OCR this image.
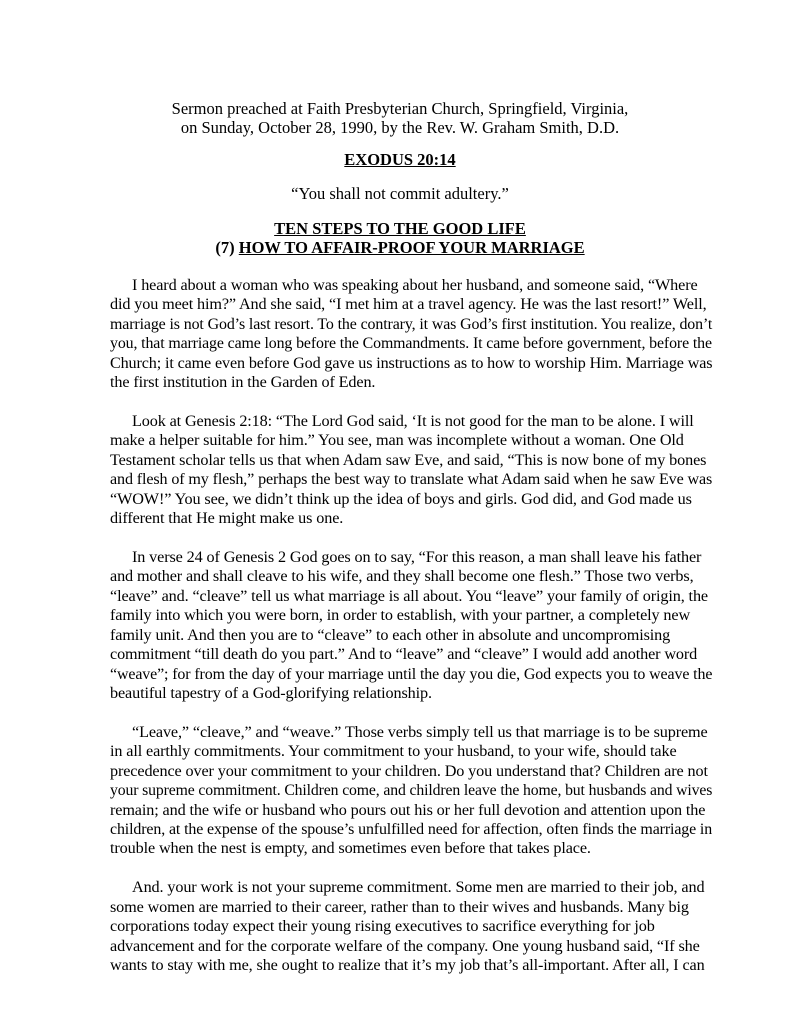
Sermon preached at Faith Presbyterian Church, Springfield, Virginia,

on Sunday, October 28, 1990, by the Rev. W. Graham Smith, D.D.

EXODUS 20:14

“You shall not commit adultery.”

TEN STEPS TO THE GOOD LIFE

(7) HOW TO AFFAIR-PROOF YOUR MARRIAGE

I heard about a woman who was speaking about her husband, and someone said, “Where
did you meet him?” And she said, “I met him at a travel agency. He was the last resort!” Well,
marriage is not God’s last resort. To the contrary, it was God’s first institution. You realize, don’t
you, that marriage came long before the Commandments. It came before government, before the
Church; it came even before God gave us instructions as to how to worship Him. Marriage was
the first institution in the Garden of Eden.

Look at Genesis 2:18: “The Lord God said, ‘It is not good for the man to be alone. I will
make a helper suitable for him.” You see, man was incomplete without a woman. One Old
Testament scholar tells us that when Adam saw Eve, and said, “This is now bone of my bones
and flesh of my flesh,” perhaps the best way to translate what Adam said when he saw Eve was
“WOW!” You see, we didn’t think up the idea of boys and girls. God did, and God made us
different that He might make us one.

In verse 24 of Genesis 2 God goes on to say, “For this reason, a man shall leave his father
and mother and shall cleave to his wife, and they shall become one flesh.” Those two verbs,
“leave” and. “cleave” tell us what marriage is all about. You “leave” your family of origin, the
family into which you were born, in order to establish, with your partner, a completely new
family unit. And then you are to “cleave” to each other in absolute and uncompromising
commitment “till death do you part.” And to “leave” and “cleave” I would add another word
“weave”; for from the day of your marriage until the day you die, God expects you to weave the
beautiful tapestry of a God-glorifying relationship.

“Leave,” “cleave,” and “weave.” Those verbs simply tell us that marriage is to be supreme
in all earthly commitments. Your commitment to your husband, to your wife, should take
precedence over your commitment to your children. Do you understand that? Children are not
your supreme commitment. Children come, and children leave the home, but husbands and wives
remain; and the wife or husband who pours out his or her full devotion and attention upon the
children, at the expense of the spouse’s unfulfilled need for affection, often finds the marriage in
trouble when the nest is empty, and sometimes even before that takes place.

And. your work is not your supreme commitment. Some men are married to their job, and
some women are married to their career, rather than to their wives and husbands. Many big
corporations today expect their young rising executives to sacrifice everything for job
advancement and for the corporate welfare of the company. One young husband said, “If she
wants to stay with me, she ought to realize that it’s my job that’s all-important. After all, I can
